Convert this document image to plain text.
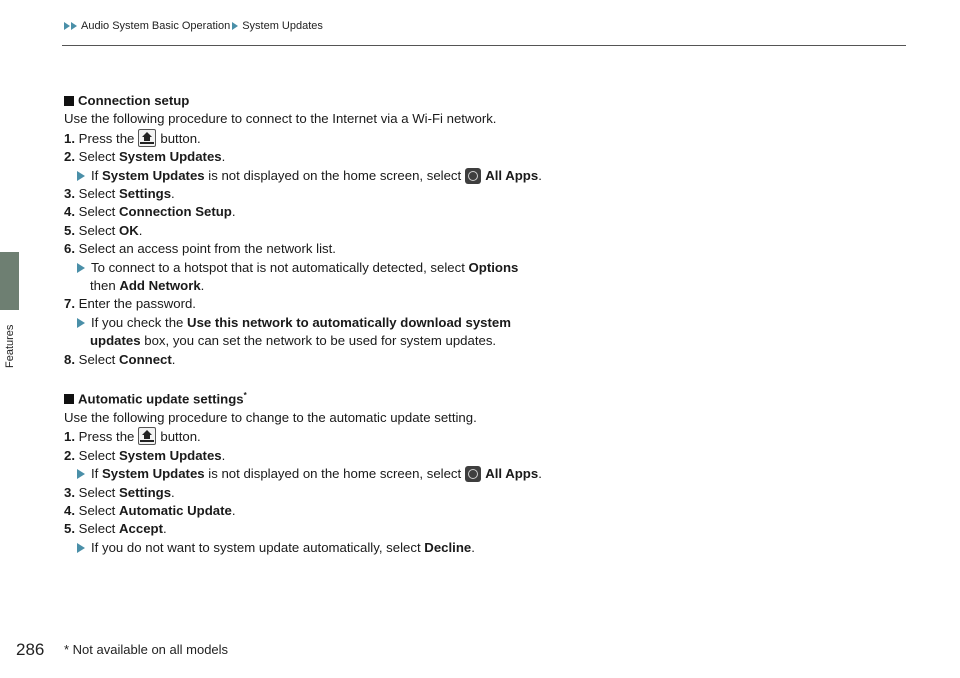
Audio System Basic Operation System Updates
Features
Connection setup
Use the following procedure to connect to the Internet via a Wi-Fi network.
1. Press the button.
2. Select System Updates.
If System Updates is not displayed on the home screen, select All Apps.
3. Select Settings.
4. Select Connection Setup.
5. Select OK.
6. Select an access point from the network list.
To connect to a hotspot that is not automatically detected, select Options
then Add Network.
7. Enter the password.
If you check the Use this network to automatically download system
updates box, you can set the network to be used for system updates.
8. Select Connect.
Automatic update settings*
Use the following procedure to change to the automatic update setting.
1. Press the button.
2. Select System Updates.
If System Updates is not displayed on the home screen, select All Apps.
3. Select Settings.
4. Select Automatic Update.
5. Select Accept.
If you do not want to system update automatically, select Decline.
286 * Not available on all models
